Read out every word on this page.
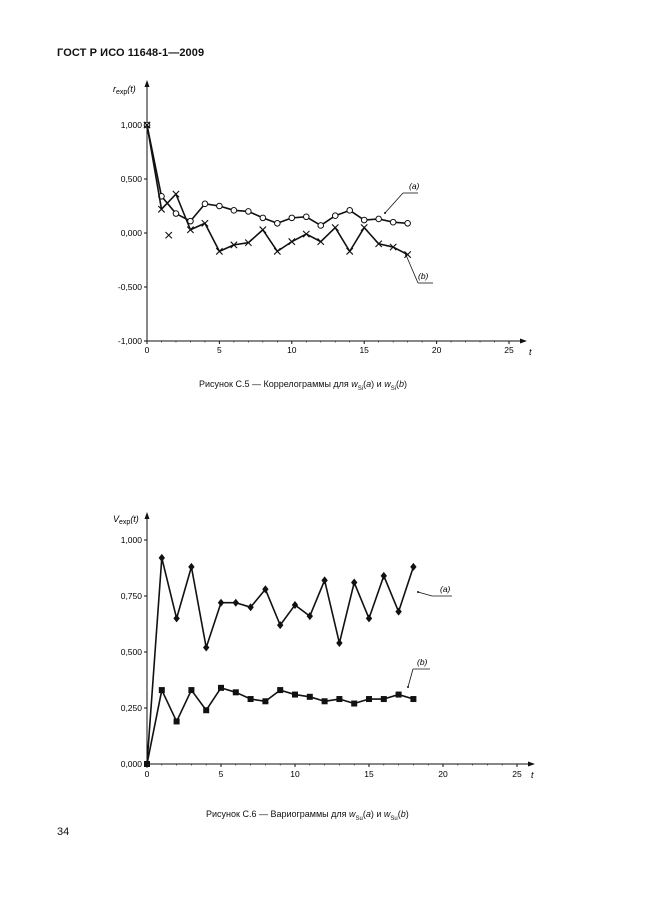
ГОСТ Р ИСО 11648-1—2009
1,000
0,500
0,000
-0,500
-1,000
0	5	10	15	20	25 t
$r_{exp}(t)$
(a)
(b)
1,000
0,750
0,500
0,250
0,000
0	5	10	15	20	25 t
$V_{exp}(t)$
(a)
(b)
Рисунок С.5 — Коррелограммы для $w_{Si}(a)$ и $w_{Si}(b)$
Рисунок С.6 — Вариограммы для $w_{Su}(a)$ и $w_{Su}(b)$
34
